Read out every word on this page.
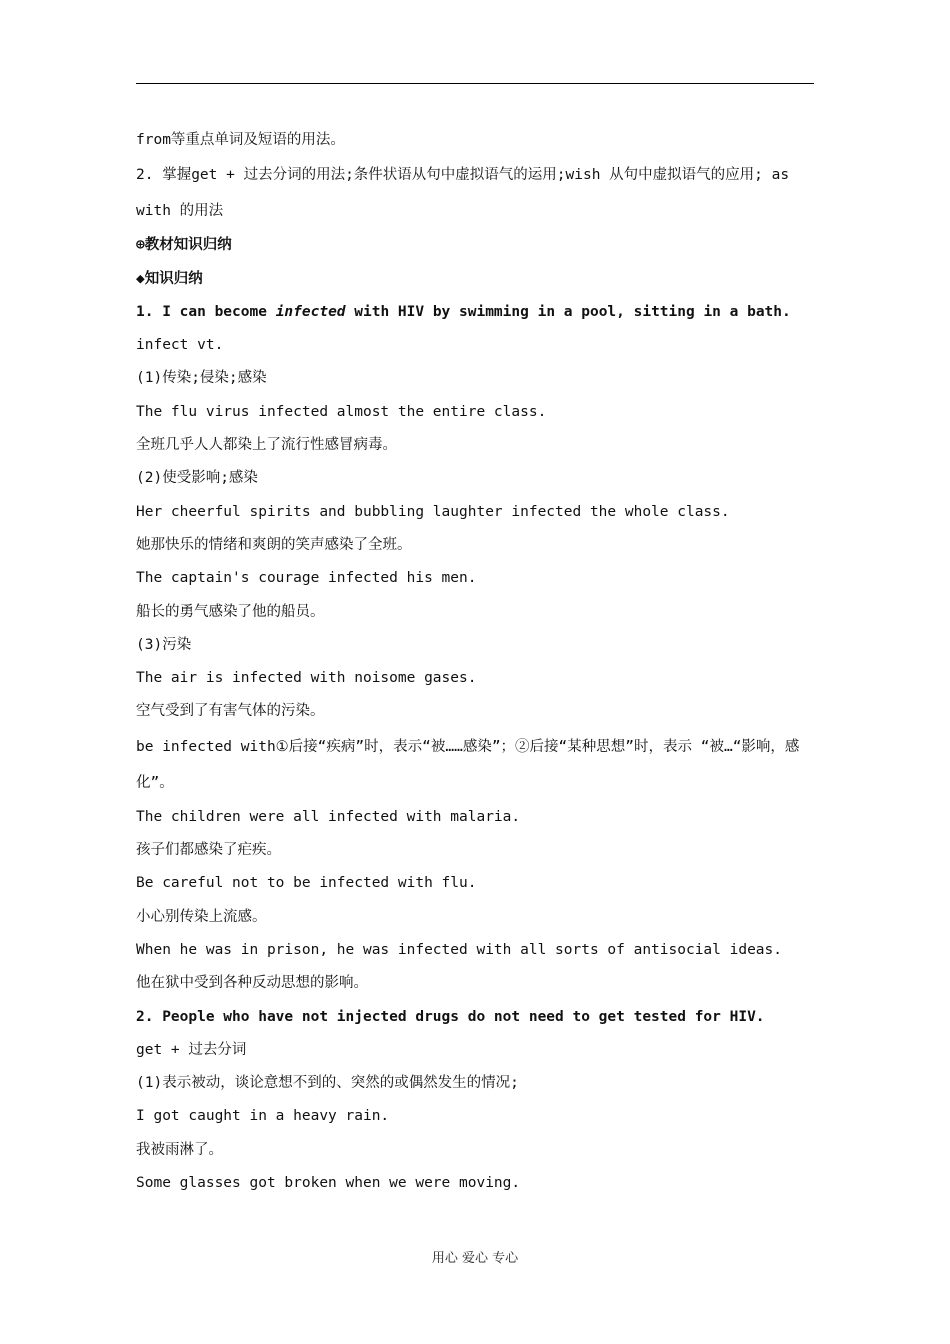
from等重点单词及短语的用法。
2. 掌握get + 过去分词的用法;条件状语从句中虚拟语气的运用;wish 从句中虚拟语气的应用; as with 的用法
⊕教材知识归纳
◆知识归纳
1. I can become infected with HIV by swimming in a pool, sitting in a bath.
infect vt.
(1)传染;侵染;感染
The flu virus infected almost the entire class.
全班几乎人人都染上了流行性感冒病毒。
(2)使受影响;感染
Her cheerful spirits and bubbling laughter infected the whole class.
她那快乐的情绪和爽朗的笑声感染了全班。
The captain's courage infected his men.
船长的勇气感染了他的船员。
(3)污染
The air is infected with noisome gases.
空气受到了有害气体的污染。
be infected with①后接“疾病”时，表示“被……感染”；②后接“某种思想”时，表示 “被…“影响，感化”。
The children were all infected with malaria.
孩子们都感染了疟疾。
Be careful not to be infected with flu.
小心别传染上流感。
When he was in prison, he was infected with all sorts of antisocial ideas.
他在狱中受到各种反动思想的影响。
2. People who have not injected drugs do not need to get tested for HIV.
get + 过去分词
(1)表示被动，谈论意想不到的、突然的或偶然发生的情况;
I got caught in a heavy rain.
我被雨淋了。
Some glasses got broken when we were moving.
用心 爱心 专心
